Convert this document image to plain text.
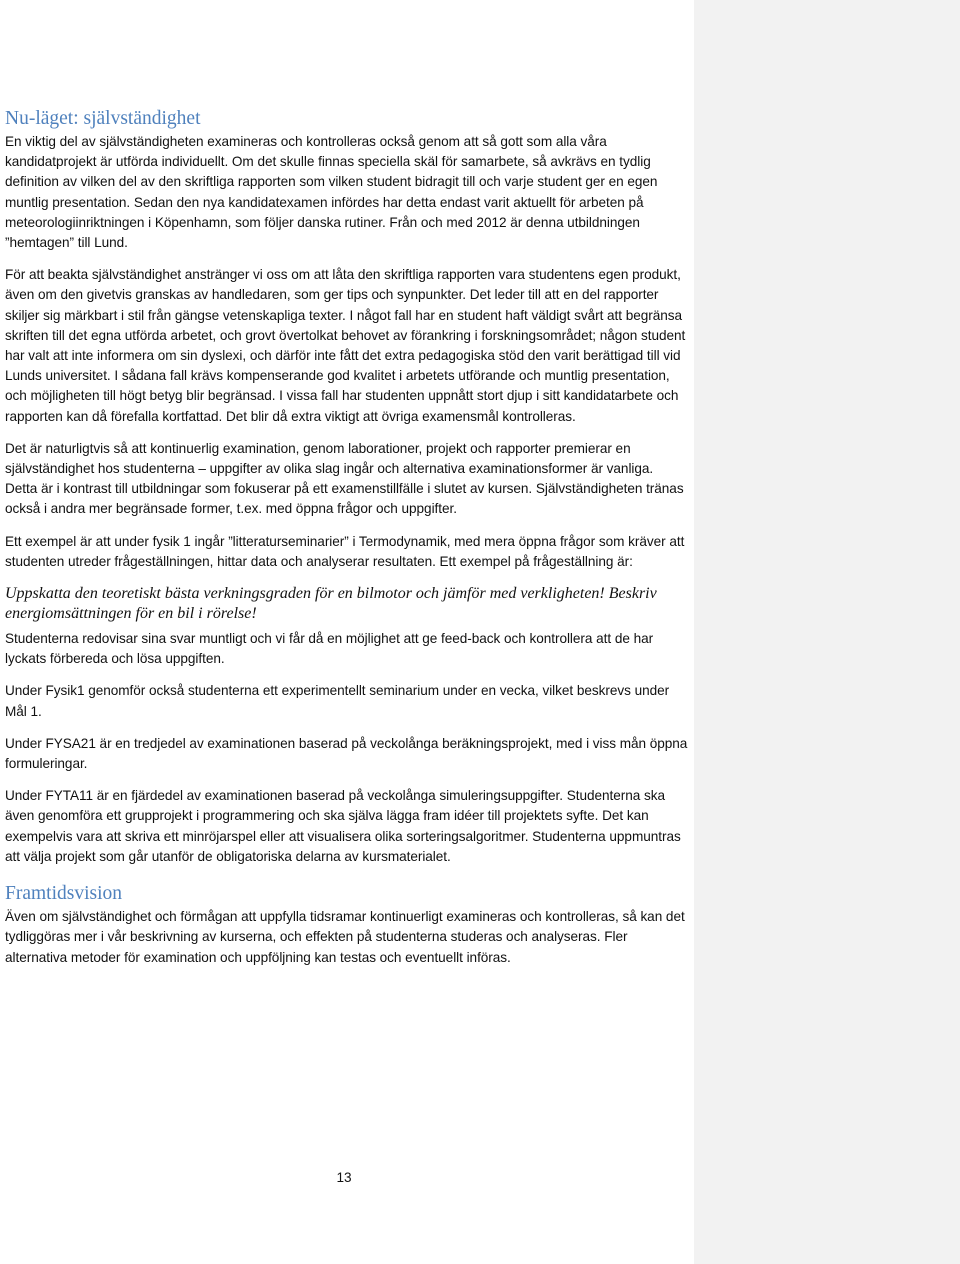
Nu-läget: självständighet

En viktig del av självständigheten examineras och kontrolleras också genom att så gott som alla våra kandidatprojekt är utförda individuellt. Om det skulle finnas speciella skäl för samarbete, så avkrävs en tydlig definition av vilken del av den skriftliga rapporten som vilken student bidragit till och varje student ger en egen muntlig presentation. Sedan den nya kandidatexamen infördes har detta endast varit aktuellt för arbeten på meteorologiinriktningen i Köpenhamn, som följer danska rutiner. Från och med 2012 är denna utbildningen ”hemtagen” till Lund.

För att beakta självständighet anstränger vi oss om att låta den skriftliga rapporten vara studentens egen produkt, även om den givetvis granskas av handledaren, som ger tips och synpunkter. Det leder till att en del rapporter skiljer sig märkbart i stil från gängse vetenskapliga texter. I något fall har en student haft väldigt svårt att begränsa skriften till det egna utförda arbetet, och grovt övertolkat behovet av förankring i forskningsområdet; någon student har valt att inte informera om sin dyslexi, och därför inte fått det extra pedagogiska stöd den varit berättigad till vid Lunds universitet. I sådana fall krävs kompenserande god kvalitet i arbetets utförande och muntlig presentation, och möjligheten till högt betyg blir begränsad. I vissa fall har studenten uppnått stort djup i sitt kandidatarbete och rapporten kan då förefalla kortfattad. Det blir då extra viktigt att övriga examensmål kontrolleras.

Det är naturligtvis så att kontinuerlig examination, genom laborationer, projekt och rapporter premierar en självständighet hos studenterna – uppgifter av olika slag ingår och alternativa examinationsformer är vanliga. Detta är i kontrast till utbildningar som fokuserar på ett examenstillfälle i slutet av kursen. Självständigheten tränas också i andra mer begränsade former, t.ex. med öppna frågor och uppgifter.

Ett exempel är att under fysik 1 ingår ”litteraturseminarier” i Termodynamik, med mera öppna frågor som kräver att studenten utreder frågeställningen, hittar data och analyserar resultaten. Ett exempel på frågeställning är:

Uppskatta den teoretiskt bästa verkningsgraden för en bilmotor och jämför med verkligheten! Beskriv energiomsättningen för en bil i rörelse!

Studenterna redovisar sina svar muntligt och vi får då en möjlighet att ge feed-back och kontrollera att de har lyckats förbereda och lösa uppgiften.

Under Fysik1 genomför också studenterna ett experimentellt seminarium under en vecka, vilket beskrevs under Mål 1.

Under FYSA21 är en tredjedel av examinationen baserad på veckolånga beräkningsprojekt, med i viss mån öppna formuleringar.

Under FYTA11 är en fjärdedel av examinationen baserad på veckolånga simuleringsuppgifter. Studenterna ska även genomföra ett grupprojekt i programmering och ska själva lägga fram idéer till projektets syfte. Det kan exempelvis vara att skriva ett minröjarspel eller att visualisera olika sorteringsalgoritmer. Studenterna uppmuntras att välja projekt som går utanför de obligatoriska delarna av kursmaterialet.

Framtidsvision

Även om självständighet och förmågan att uppfylla tidsramar kontinuerligt examineras och kontrolleras, så kan det tydliggöras mer i vår beskrivning av kurserna, och effekten på studenterna studeras och analyseras. Fler alternativa metoder för examination och uppföljning kan testas och eventuellt införas.

13
